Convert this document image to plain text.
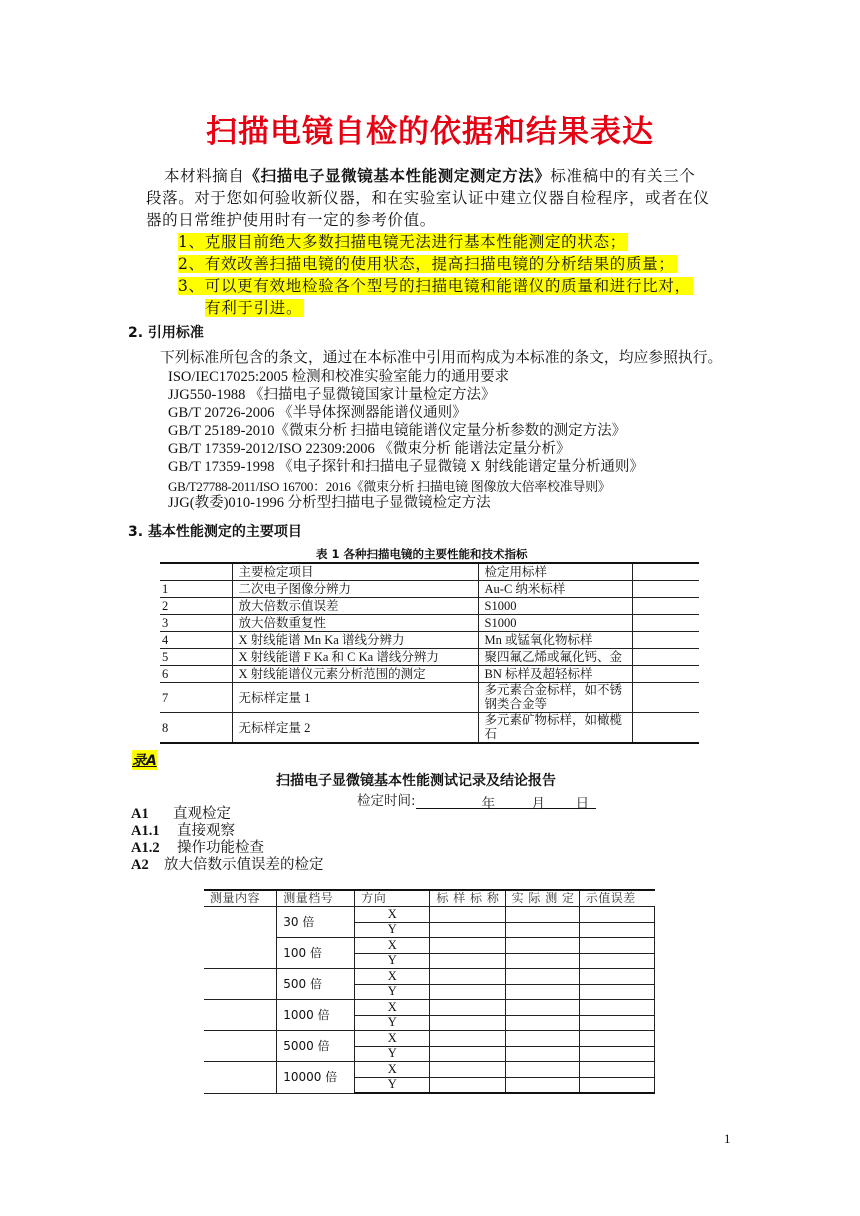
扫描电镜自检的依据和结果表达
本材料摘自《扫描电子显微镜基本性能测定测定方法》标准稿中的有关三个
段落。对于您如何验收新仪器，和在实验室认证中建立仪器自检程序，或者在仪
器的日常维护使用时有一定的参考价值。
1、克服目前绝大多数扫描电镜无法进行基本性能测定的状态；
2、有效改善扫描电镜的使用状态，提高扫描电镜的分析结果的质量；
3、可以更有效地检验各个型号的扫描电镜和能谱仪的质量和进行比对，
有利于引进。
2. 引用标准
下列标准所包含的条文，通过在本标准中引用而构成为本标准的条文，均应参照执行。
ISO/IEC17025:2005 检测和校准实验室能力的通用要求
JJG550-1988 《扫描电子显微镜国家计量检定方法》
GB/T 20726-2006 《半导体探测器能谱仪通则》
GB/T 25189-2010《微束分析 扫描电镜能谱仪定量分析参数的测定方法》
GB/T 17359-2012/ISO 22309:2006 《微束分析 能谱法定量分析》
GB/T 17359-1998 《电子探针和扫描电子显微镜 X 射线能谱定量分析通则》
GB/T27788-2011/ISO 16700：2016《微束分析 扫描电镜 图像放大倍率校准导则》
JJG(教委)010-1996 分析型扫描电子显微镜检定方法
3. 基本性能测定的主要项目
表 1 各种扫描电镜的主要性能和技术指标
	主要检定项目	检定用标样	
1	二次电子图像分辨力	Au-C 纳米标样	
2	放大倍数示值误差	S1000	
3	放大倍数重复性	S1000	
4	X 射线能谱 Mn Ka 谱线分辨力	Mn 或锰氧化物标样	
5	X 射线能谱 F Ka 和 C Ka 谱线分辨力	聚四氟乙烯或氟化钙、金	
6	X 射线能谱仪元素分析范围的测定	BN 标样及超轻标样	
7	无标样定量 1	多元素合金标样，如不锈钢类合金等	

8	无标样定量 2	多元素矿物标样，如橄榄石	

录A
扫描电子显微镜基本性能测试记录及结论报告
检定时间:	年	月 日
A1 直观检定
A1.1 直接观察
A1.2 操作功能检查
A2 放大倍数示值误差的检定
测量内容	测量档号	方向	标 样 标 称	实 际 测 定	示值误差
	30 倍	X			
		Y			
	100 倍	X			
		Y			
	500 倍	X			
		Y			
	1000 倍	X			
		Y			
	5000 倍	X			
		Y			
	10000 倍	X			
		Y			
1
